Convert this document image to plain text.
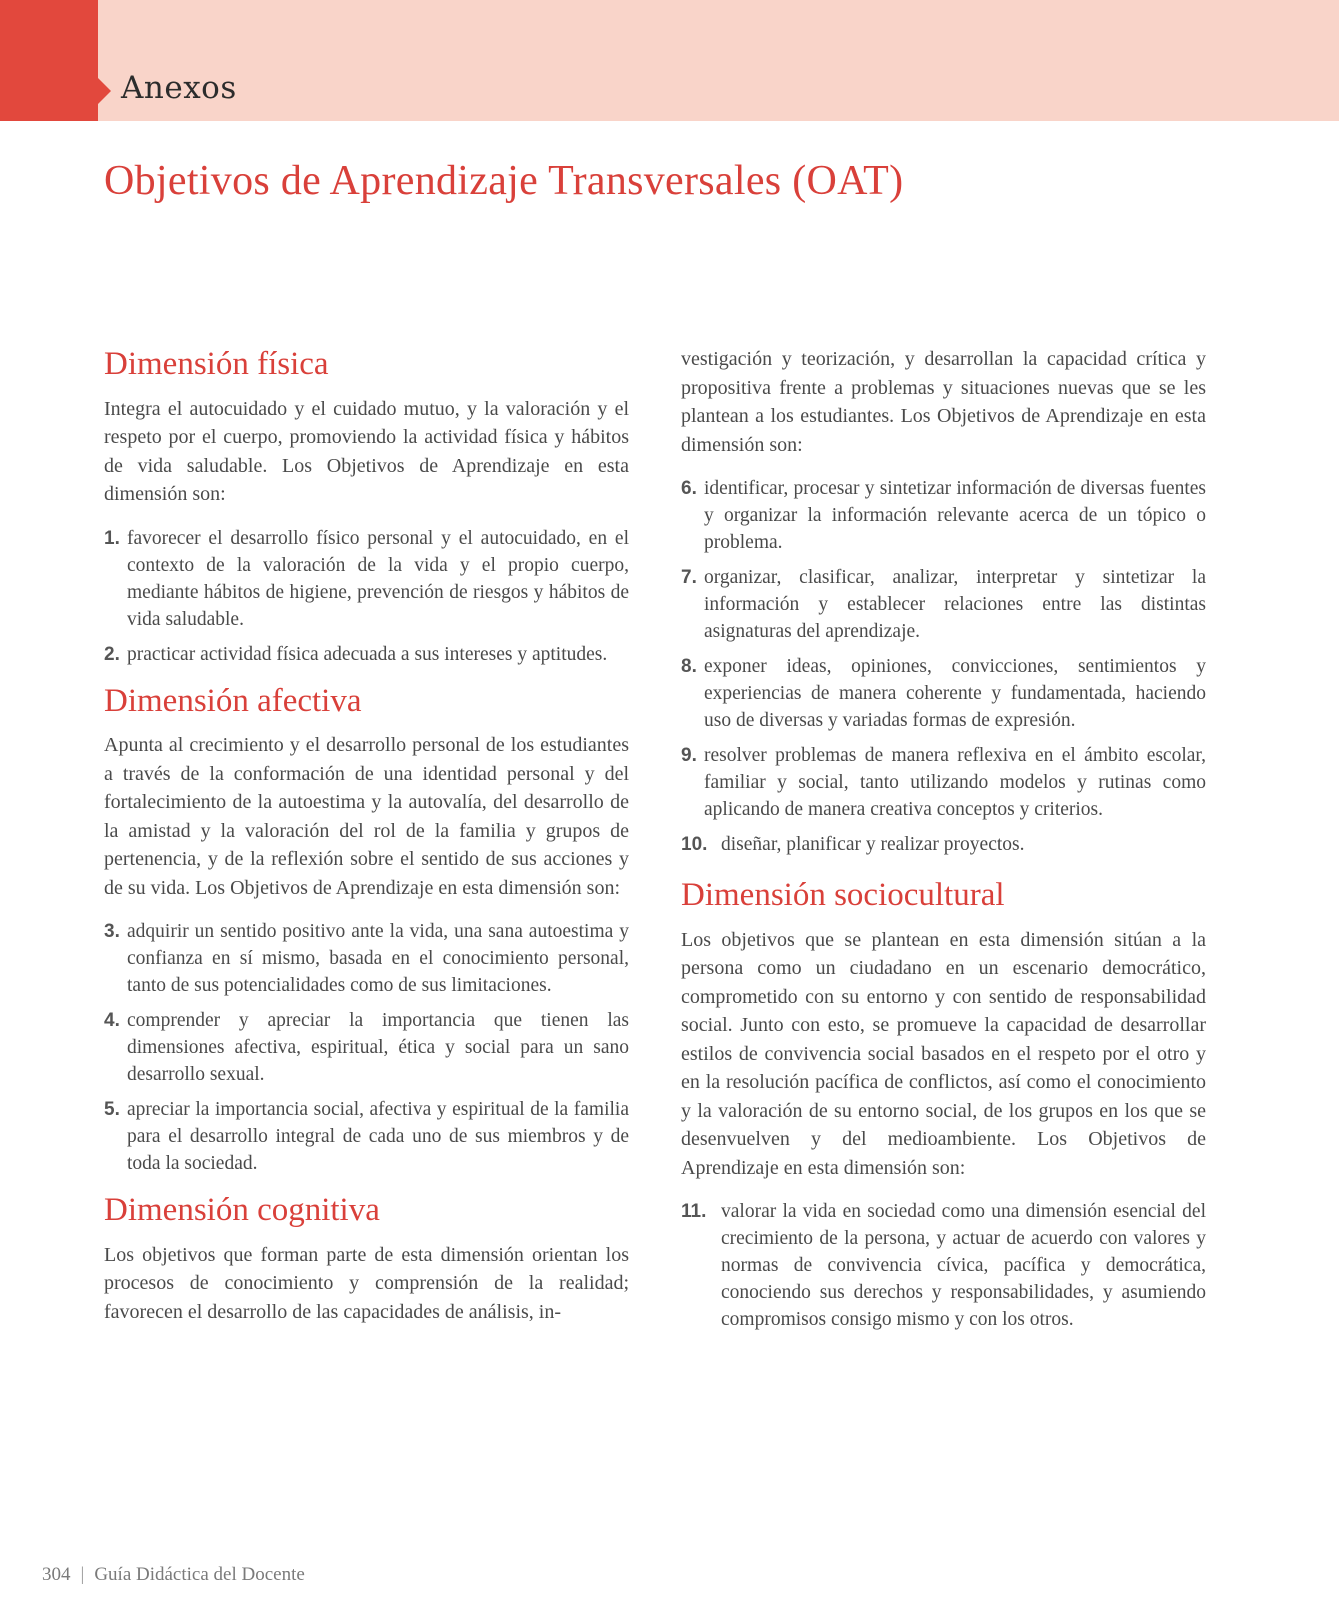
Anexos
Objetivos de Aprendizaje Transversales (OAT)
Dimensión física

Integra el autocuidado y el cuidado mutuo, y la valoración y el respeto por el cuerpo, promoviendo la actividad física y hábitos de vida saludable. Los Objetivos de Aprendizaje en esta dimensión son:

1. favorecer el desarrollo físico personal y el autocuidado, en el contexto de la valoración de la vida y el propio cuerpo, mediante hábitos de higiene, prevención de riesgos y hábitos de vida saludable.
2. practicar actividad física adecuada a sus intereses y aptitudes.
Dimensión afectiva

Apunta al crecimiento y el desarrollo personal de los estudiantes a través de la conformación de una identidad personal y del fortalecimiento de la autoestima y la autovalía, del desarrollo de la amistad y la valoración del rol de la familia y grupos de pertenencia, y de la reflexión sobre el sentido de sus acciones y de su vida. Los Objetivos de Aprendizaje en esta dimensión son:

3. adquirir un sentido positivo ante la vida, una sana autoestima y confianza en sí mismo, basada en el conocimiento personal, tanto de sus potencialidades como de sus limitaciones.
4. comprender y apreciar la importancia que tienen las dimensiones afectiva, espiritual, ética y social para un sano desarrollo sexual.
5. apreciar la importancia social, afectiva y espiritual de la familia para el desarrollo integral de cada uno de sus miembros y de toda la sociedad.
Dimensión cognitiva

Los objetivos que forman parte de esta dimensión orientan los procesos de conocimiento y comprensión de la realidad; favorecen el desarrollo de las capacidades de análisis, in-

vestigación y teorización, y desarrollan la capacidad crítica y propositiva frente a problemas y situaciones nuevas que se les plantean a los estudiantes. Los Objetivos de Aprendizaje en esta dimensión son:

6. identificar, procesar y sintetizar información de diversas fuentes y organizar la información relevante acerca de un tópico o problema.
7. organizar, clasificar, analizar, interpretar y sintetizar la información y establecer relaciones entre las distintas asignaturas del aprendizaje.
8. exponer ideas, opiniones, convicciones, sentimientos y experiencias de manera coherente y fundamentada, haciendo uso de diversas y variadas formas de expresión.
9. resolver problemas de manera reflexiva en el ámbito escolar, familiar y social, tanto utilizando modelos y rutinas como aplicando de manera creativa conceptos y criterios.
10. diseñar, planificar y realizar proyectos.
Dimensión sociocultural

Los objetivos que se plantean en esta dimensión sitúan a la persona como un ciudadano en un escenario democrático, comprometido con su entorno y con sentido de responsabilidad social. Junto con esto, se promueve la capacidad de desarrollar estilos de convivencia social basados en el respeto por el otro y en la resolución pacífica de conflictos, así como el conocimiento y la valoración de su entorno social, de los grupos en los que se desenvuelven y del medioambiente. Los Objetivos de Aprendizaje en esta dimensión son:

11. valorar la vida en sociedad como una dimensión esencial del crecimiento de la persona, y actuar de acuerdo con valores y normas de convivencia cívica, pacífica y democrática, conociendo sus derechos y responsabilidades, y asumiendo compromisos consigo mismo y con los otros.
304 | Guía Didáctica del Docente
